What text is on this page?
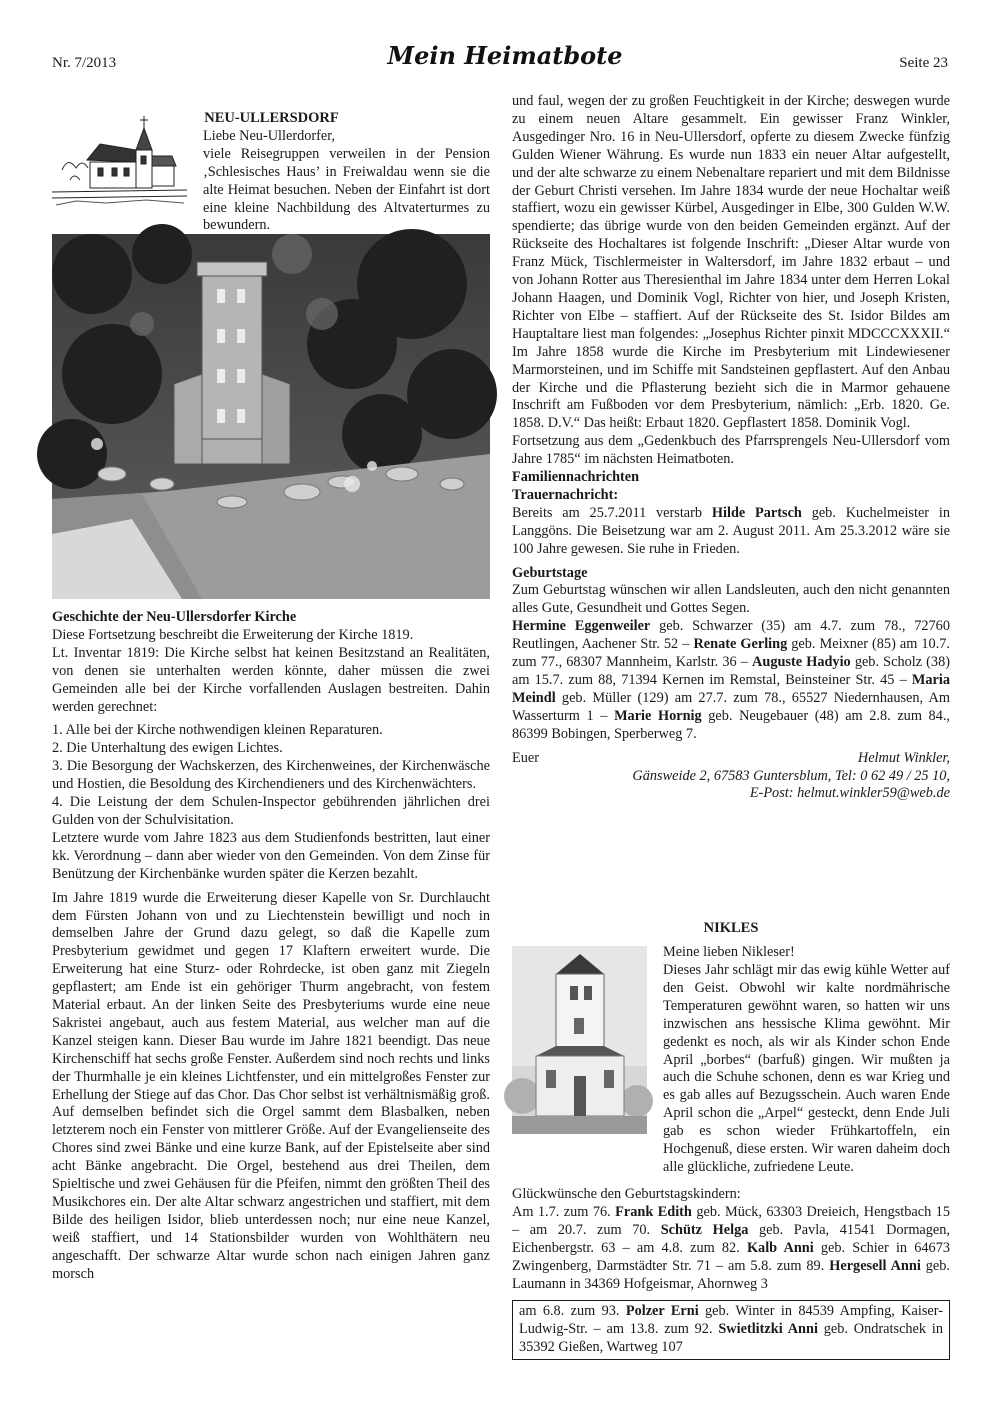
Nr. 7/2013	Mein Heimatbote	Seite 23
NEU-ULLERSDORF

Liebe Neu-Ullerdorfer,

viele Reisegruppen verweilen in der Pension ‚Schlesisches Haus’ in Freiwaldau wenn sie die alte Heimat besuchen. Neben der Einfahrt ist dort eine kleine Nachbildung des Altvaterturmes zu bewundern.

Geschichte der Neu-Ullersdorfer Kirche

Diese Fortsetzung beschreibt die Erweiterung der Kirche 1819.

Lt. Inventar 1819: Die Kirche selbst hat keinen Besitzstand an Realitäten, von denen sie unterhalten werden könnte, daher müssen die zwei Gemeinden alle bei der Kirche vorfallenden Auslagen bestreiten. Dahin werden gerechnet:

1. Alle bei der Kirche nothwendigen kleinen Reparaturen.

2. Die Unterhaltung des ewigen Lichtes.

3. Die Besorgung der Wachskerzen, des Kirchenweines, der Kirchenwäsche und Hostien, die Besoldung des Kirchendieners und des Kirchenwächters.

4. Die Leistung der dem Schulen-Inspector gebührenden jährlichen drei Gulden von der Schulvisitation.

Letztere wurde vom Jahre 1823 aus dem Studienfonds bestritten, laut einer kk. Verordnung – dann aber wieder von den Gemeinden. Von dem Zinse für Benützung der Kirchenbänke wurden später die Kerzen bezahlt.

Im Jahre 1819 wurde die Erweiterung dieser Kapelle von Sr. Durchlaucht dem Fürsten Johann von und zu Liechtenstein bewilligt und noch in demselben Jahre der Grund dazu gelegt, so daß die Kapelle zum Presbyterium gewidmet und gegen 17 Klaftern erweitert wurde. Die Erweiterung hat eine Sturz- oder Rohrdecke, ist oben ganz mit Ziegeln gepflastert; am Ende ist ein gehöriger Thurm angebracht, von festem Material erbaut. An der linken Seite des Presbyteriums wurde eine neue Sakristei angebaut, auch aus festem Material, aus welcher man auf die Kanzel steigen kann. Dieser Bau wurde im Jahre 1821 beendigt. Das neue Kirchenschiff hat sechs große Fenster. Außerdem sind noch rechts und links der Thurmhalle je ein kleines Lichtfenster, und ein mittelgroßes Fenster zur Erhellung der Stiege auf das Chor. Das Chor selbst ist verhältnismäßig groß. Auf demselben befindet sich die Orgel sammt dem Blasbalken, neben letzterem noch ein Fenster von mittlerer Größe. Auf der Evangelienseite des Chores sind zwei Bänke und eine kurze Bank, auf der Epistelseite aber sind acht Bänke angebracht. Die Orgel, bestehend aus drei Theilen, dem Spieltische und zwei Gehäusen für die Pfeifen, nimmt den größten Theil des Musikchores ein. Der alte Altar schwarz angestrichen und staffiert, mit dem Bilde des heiligen Isidor, blieb unterdessen noch; nur eine neue Kanzel, weiß staffiert, und 14 Stationsbilder wurden von Wohlthätern neu angeschafft. Der schwarze Altar wurde schon nach einigen Jahren ganz morsch

und faul, wegen der zu großen Feuchtigkeit in der Kirche; deswegen wurde zu einem neuen Altare gesammelt. Ein gewisser Franz Winkler, Ausgedinger Nro. 16 in Neu-Ullersdorf, opferte zu diesem Zwecke fünfzig Gulden Wiener Währung. Es wurde nun 1833 ein neuer Altar aufgestellt, und der alte schwarze zu einem Nebenaltare repariert und mit dem Bildnisse der Geburt Christi versehen. Im Jahre 1834 wurde der neue Hochaltar weiß staffiert, wozu ein gewisser Kürbel, Ausgedinger in Elbe, 300 Gulden W.W. spendierte; das übrige wurde von den beiden Gemeinden ergänzt. Auf der Rückseite des Hochaltares ist folgende Inschrift: „Dieser Altar wurde von Franz Mück, Tischlermeister in Waltersdorf, im Jahre 1832 erbaut – und von Johann Rotter aus Theresienthal im Jahre 1834 unter dem Herren Lokal Johann Haagen, und Dominik Vogl, Richter von hier, und Joseph Kristen, Richter von Elbe – staffiert. Auf der Rückseite des St. Isidor Bildes am Hauptaltare liest man folgendes: „Josephus Richter pinxit MDCCCXXXII.“ Im Jahre 1858 wurde die Kirche im Presbyterium mit Lindewiesener Marmorsteinen, und im Schiffe mit Sandsteinen gepflastert. Auf den Anbau der Kirche und die Pflasterung bezieht sich die in Marmor gehauene Inschrift am Fußboden vor dem Presbyterium, nämlich: „Erb. 1820. Ge. 1858. D.V.“ Das heißt: Erbaut 1820. Gepflastert 1858. Dominik Vogl.

Fortsetzung aus dem „Gedenkbuch des Pfarrsprengels Neu-Ullersdorf vom Jahre 1785“ im nächsten Heimatboten.

Familiennachrichten
Trauernachricht:

Bereits am 25.7.2011 verstarb Hilde Partsch geb. Kuchelmeister in Langgöns. Die Beisetzung war am 2. August 2011. Am 25.3.2012 wäre sie 100 Jahre gewesen. Sie ruhe in Frieden.

Geburtstage

Zum Geburtstag wünschen wir allen Landsleuten, auch den nicht genannten alles Gute, Gesundheit und Gottes Segen.

Hermine Eggenweiler geb. Schwarzer (35) am 4.7. zum 78., 72760 Reutlingen, Aachener Str. 52 – Renate Gerling geb. Meixner (85) am 10.7. zum 77., 68307 Mannheim, Karlstr. 36 – Auguste Hadyio geb. Scholz (38) am 15.7. zum 88, 71394 Kernen im Remstal, Beinsteiner Str. 45 – Maria Meindl geb. Müller (129) am 27.7. zum 78., 65527 Niedernhausen, Am Wasserturm 1 – Marie Hornig geb. Neugebauer (48) am 2.8. zum 84., 86399 Bobingen, Sperberweg 7.

Euer	Helmut Winkler,

Gänsweide 2, 67583 Guntersblum, Tel: 0 62 49 / 25 10,

E-Post: helmut.winkler59@web.de

NIKLES

Meine lieben Nikleser!

Dieses Jahr schlägt mir das ewig kühle Wetter auf den Geist. Obwohl wir kalte nordmährische Temperaturen gewöhnt waren, so hatten wir uns inzwischen ans hessische Klima gewöhnt. Mir gedenkt es noch, als wir als Kinder schon Ende April „borbes“ (barfuß) gingen. Wir mußten ja auch die Schuhe schonen, denn es war Krieg und es gab alles auf Bezugsschein. Auch waren Ende April schon die „Arpel“ gesteckt, denn Ende Juli gab es schon wieder Frühkartoffeln, ein Hochgenuß, diese ersten. Wir waren daheim doch alle glückliche, zufriedene Leute.

Glückwünsche den Geburtstagskindern:

Am 1.7. zum 76. Frank Edith geb. Mück, 63303 Dreieich, Hengstbach 15 – am 20.7. zum 70. Schütz Helga geb. Pavla, 41541 Dormagen, Eichenbergstr. 63 – am 4.8. zum 82. Kalb Anni geb. Schier in 64673 Zwingenberg, Darmstädter Str. 71 – am 5.8. zum 89. Hergesell Anni geb. Laumann in 34369 Hofgeismar, Ahornweg 3

am 6.8. zum 93. Polzer Erni geb. Winter in 84539 Ampfing, Kaiser-Ludwig-Str. – am 13.8. zum 92. Swietlitzki Anni geb. Ondratschek in 35392 Gießen, Wartweg 107
